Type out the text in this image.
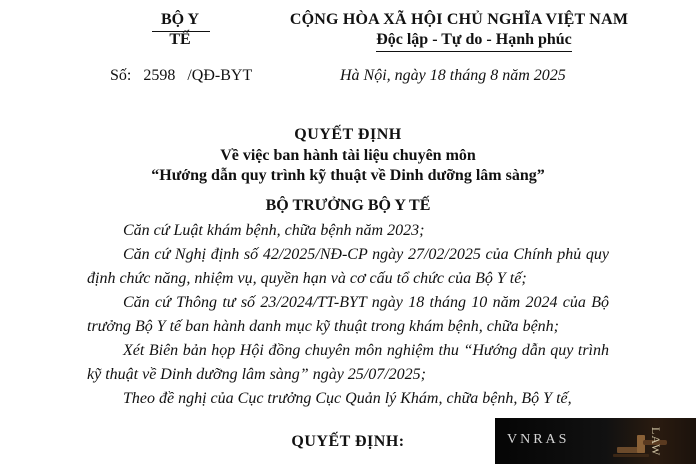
BỘ Y TẾ
CỘNG HÒA XÃ HỘI CHỦ NGHĨA VIỆT NAM
Độc lập - Tự do - Hạnh phúc
Số: 2598 /QĐ-BYT	Hà Nội, ngày 18 tháng 8 năm 2025
QUYẾT ĐỊNH
Về việc ban hành tài liệu chuyên môn
“Hướng dẫn quy trình kỹ thuật về Dinh dưỡng lâm sàng”
BỘ TRƯỞNG BỘ Y TẾ

Căn cứ Luật khám bệnh, chữa bệnh năm 2023;

Căn cứ Nghị định số 42/2025/NĐ-CP ngày 27/02/2025 của Chính phủ quy định chức năng, nhiệm vụ, quyền hạn và cơ cấu tổ chức của Bộ Y tế;

Căn cứ Thông tư số 23/2024/TT-BYT ngày 18 tháng 10 năm 2024 của Bộ trưởng Bộ Y tế ban hành danh mục kỹ thuật trong khám bệnh, chữa bệnh;

Xét Biên bản họp Hội đồng chuyên môn nghiệm thu “Hướng dẫn quy trình kỹ thuật về Dinh dưỡng lâm sàng” ngày 25/07/2025;

Theo đề nghị của Cục trưởng Cục Quản lý Khám, chữa bệnh, Bộ Y tế,

QUYẾT ĐỊNH:	VNRAS	LAW
